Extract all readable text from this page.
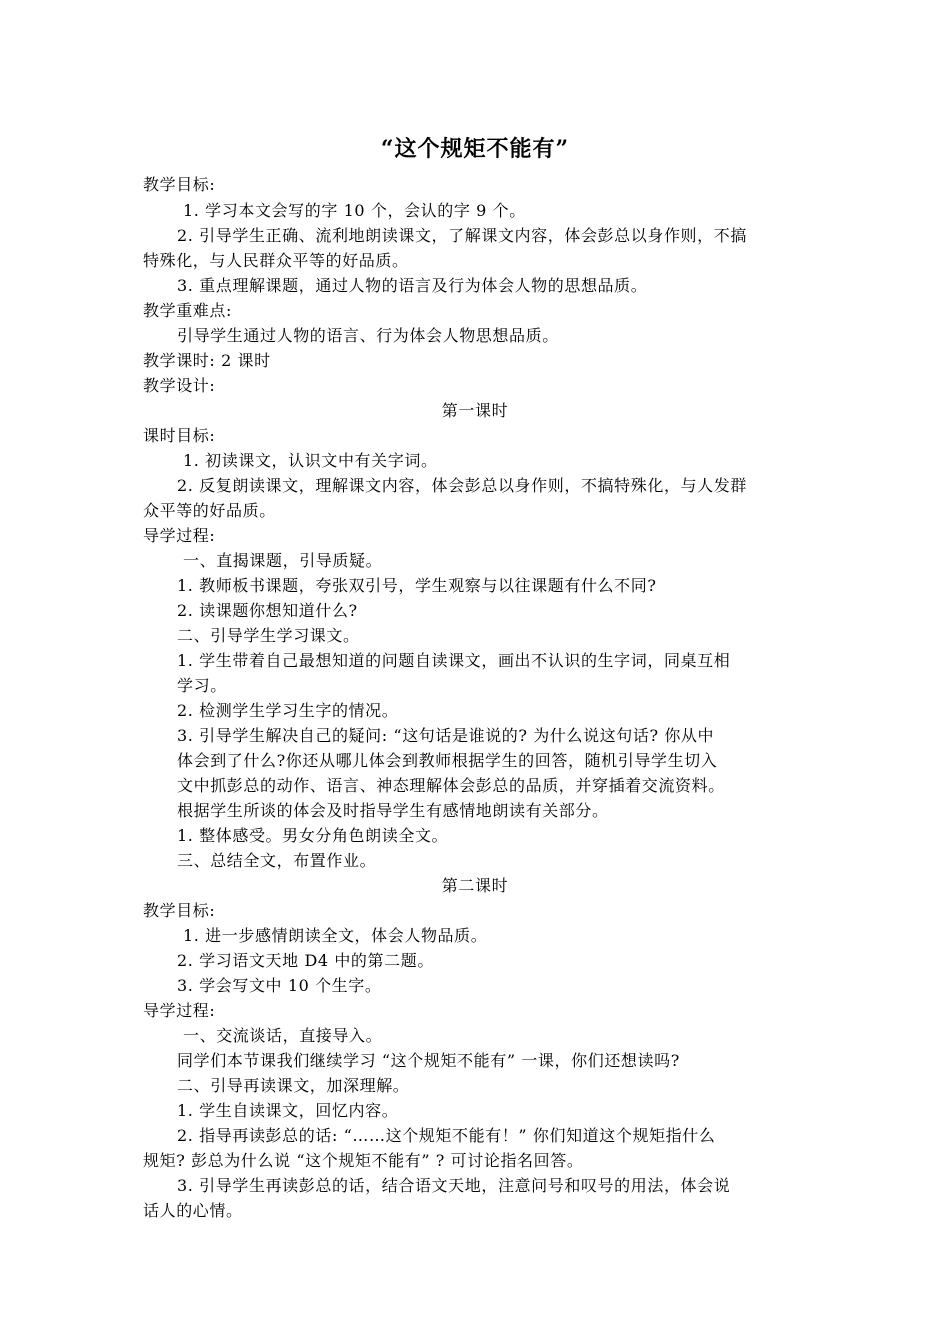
“这个规矩不能有”
教学目标:
1. 学习本文会写的字 10 个，会认的字 9 个。
2. 引导学生正确、流利地朗读课文，了解课文内容，体会彭总以身作则，不搞
特殊化，与人民群众平等的好品质。
3. 重点理解课题，通过人物的语言及行为体会人物的思想品质。
教学重难点:
引导学生通过人物的语言、行为体会人物思想品质。
教学课时: 2 课时
教学设计:
第一课时
课时目标:
1. 初读课文，认识文中有关字词。
2. 反复朗读课文，理解课文内容，体会彭总以身作则，不搞特殊化，与人发群
众平等的好品质。
导学过程:
一、直揭课题，引导质疑。
1. 教师板书课题，夸张双引号，学生观察与以往课题有什么不同?
2. 读课题你想知道什么?
二、引导学生学习课文。
1. 学生带着自己最想知道的问题自读课文，画出不认识的生字词，同桌互相
学习。
2. 检测学生学习生字的情况。
3. 引导学生解决自己的疑问: “这句话是谁说的? 为什么说这句话? 你从中
体会到了什么?你还从哪儿体会到教师根据学生的回答，随机引导学生切入
文中抓彭总的动作、语言、神态理解体会彭总的品质，并穿插着交流资料。
根据学生所谈的体会及时指导学生有感情地朗读有关部分。
1. 整体感受。男女分角色朗读全文。
三、总结全文，布置作业。
第二课时
教学目标:
1. 进一步感情朗读全文，体会人物品质。
2. 学习语文天地 D4 中的第二题。
3. 学会写文中 10 个生字。
导学过程:
一、交流谈话，直接导入。
同学们本节课我们继续学习 “这个规矩不能有” 一课，你们还想读吗?
二、引导再读课文，加深理解。
1. 学生自读课文，回忆内容。
2. 指导再读彭总的话: “……这个规矩不能有！” 你们知道这个规矩指什么
规矩? 彭总为什么说 “这个规矩不能有” ? 可讨论指名回答。
3. 引导学生再读彭总的话，结合语文天地，注意问号和叹号的用法，体会说
话人的心情。
